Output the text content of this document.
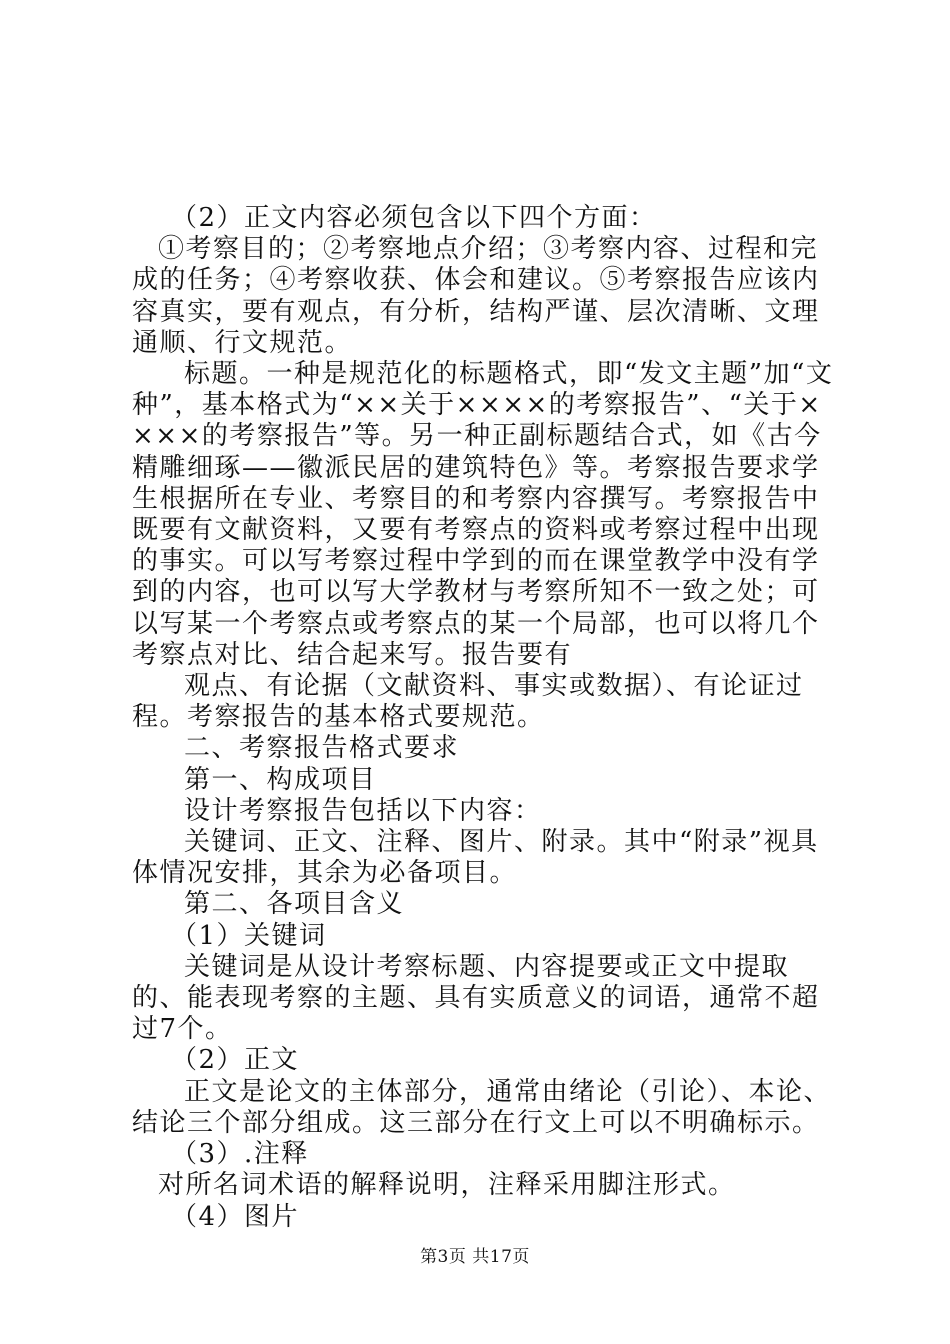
（2）正文内容必须包含以下四个方面：

①考察目的；②考察地点介绍；③考察内容、过程和完成的任务；④考察收获、体会和建议。⑤考察报告应该内容真实，要有观点，有分析，结构严谨、层次清晰、文理通顺、行文规范。

标题。一种是规范化的标题格式，即“发文主题”加“文种”，基本格式为“××关于××××的考察报告”、“关于××××的考察报告”等。另一种正副标题结合式，如《古今精雕细琢——徽派民居的建筑特色》等。考察报告要求学生根据所在专业、考察目的和考察内容撰写。考察报告中既要有文献资料，又要有考察点的资料或考察过程中出现的事实。可以写考察过程中学到的而在课堂教学中没有学到的内容，也可以写大学教材与考察所知不一致之处；可以写某一个考察点或考察点的某一个局部，也可以将几个考察点对比、结合起来写。报告要有

观点、有论据（文献资料、事实或数据）、有论证过程。考察报告的基本格式要规范。

二、考察报告格式要求

第一、构成项目

设计考察报告包括以下内容：

关键词、正文、注释、图片、附录。其中“附录”视具体情况安排，其余为必备项目。

第二、各项目含义

（1）关键词

关键词是从设计考察标题、内容提要或正文中提取的、能表现考察的主题、具有实质意义的词语，通常不超过7个。

（2）正文

正文是论文的主体部分，通常由绪论（引论）、本论、结论三个部分组成。这三部分在行文上可以不明确标示。

（3）.注释

对所名词术语的解释说明，注释采用脚注形式。

（4）图片

第3页 共17页
